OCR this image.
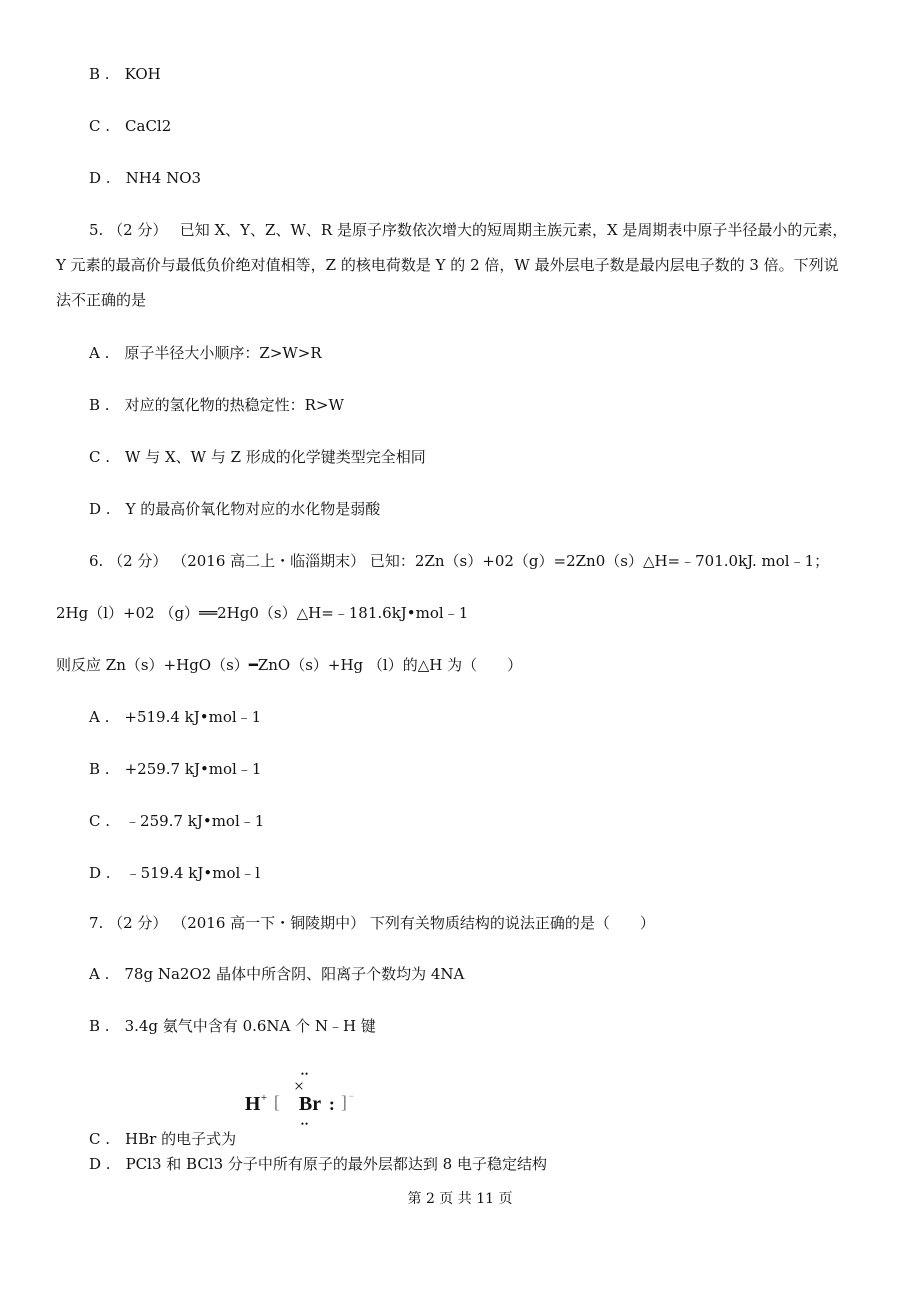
B .　KOH
C .　CaCl2
D .　NH4 NO3
5. （2 分）　 已知 X、Y、Z、W、R 是原子序数依次增大的短周期主族元素，X 是周期表中原子半径最小的元素，
Y 元素的最高价与最低负价绝对值相等，Z 的核电荷数是 Y 的 2 倍，W 最外层电子数是最内层电子数的 3 倍。下列说
法不正确的是
A .　原子半径大小顺序：Z>W>R
B .　对应的氢化物的热稳定性：R>W
C .　W 与 X、W 与 Z 形成的化学键类型完全相同
D .　Y 的最高价氧化物对应的水化物是弱酸
6. （2 分） （2016 高二上・临淄期末） 已知：2Zn（s）+02（g）=2Zn0（s）△H=﹣701.0kJ. mol﹣1；
2Hg（l）+02 （g）══2Hg0（s）△H=﹣181.6kJ•mol﹣1
则反应 Zn（s）+HgO（s）━ZnO（s）+Hg （l）的△H 为（　　）
A .　+519.4 kJ•mol﹣1
B .　+259.7 kJ•mol﹣1
C .　﹣259.7 kJ•mol﹣1
D .　﹣519.4 kJ•mol﹣l
7. （2 分） （2016 高一下・铜陵期中） 下列有关物质结构的说法正确的是（　　）
A .　78g Na2O2 晶体中所含阴、阳离子个数均为 4NA
B .　3.4g 氨气中含有 0.6NA 个 N﹣H 键
C .　HBr 的电子式为
H + [
••
×
Br :
••
] −
D .　PCl3 和 BCl3 分子中所有原子的最外层都达到 8 电子稳定结构
第 2 页 共 11 页
